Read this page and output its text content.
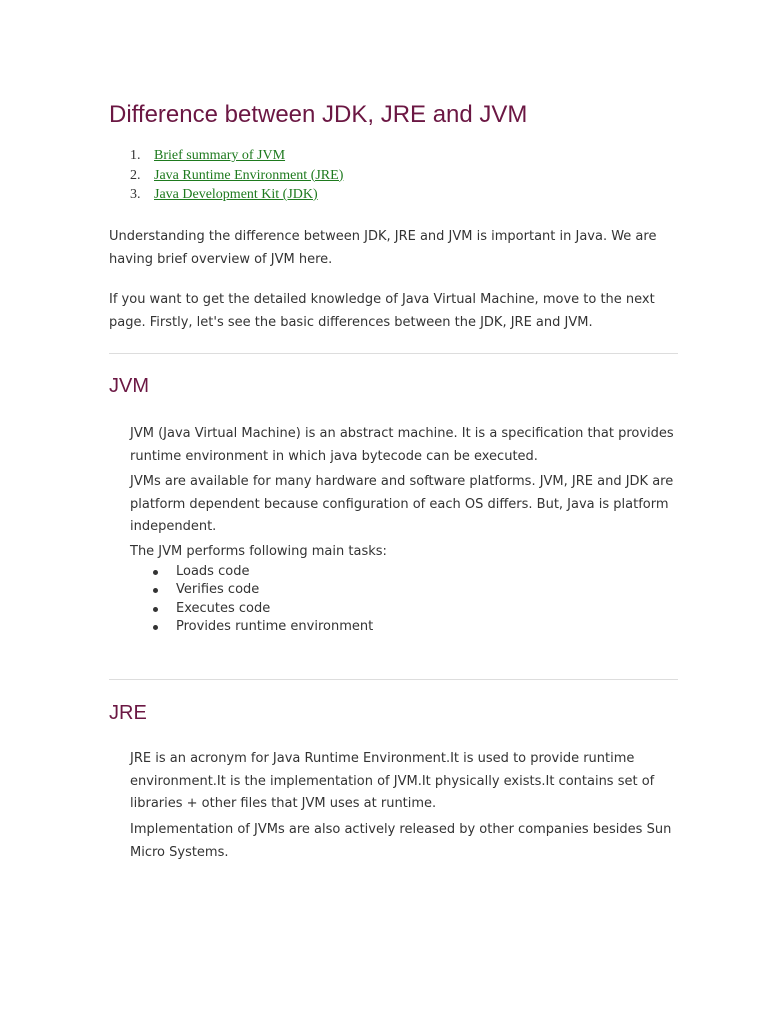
Difference between JDK, JRE and JVM
1. Brief summary of JVM
2. Java Runtime Environment (JRE)
3. Java Development Kit (JDK)

Understanding the difference between JDK, JRE and JVM is important in Java. We are
having brief overview of JVM here.

If you want to get the detailed knowledge of Java Virtual Machine, move to the next
page. Firstly, let's see the basic differences between the JDK, JRE and JVM.

JVM

JVM (Java Virtual Machine) is an abstract machine. It is a specification that provides
runtime environment in which java bytecode can be executed.

JVMs are available for many hardware and software platforms. JVM, JRE and JDK are
platform dependent because configuration of each OS differs. But, Java is platform
independent.

The JVM performs following main tasks:

Loads code
Verifies code
Executes code
Provides runtime environment
JRE

JRE is an acronym for Java Runtime Environment.It is used to provide runtime
environment.It is the implementation of JVM.It physically exists.It contains set of
libraries + other files that JVM uses at runtime.

Implementation of JVMs are also actively released by other companies besides Sun
Micro Systems.
